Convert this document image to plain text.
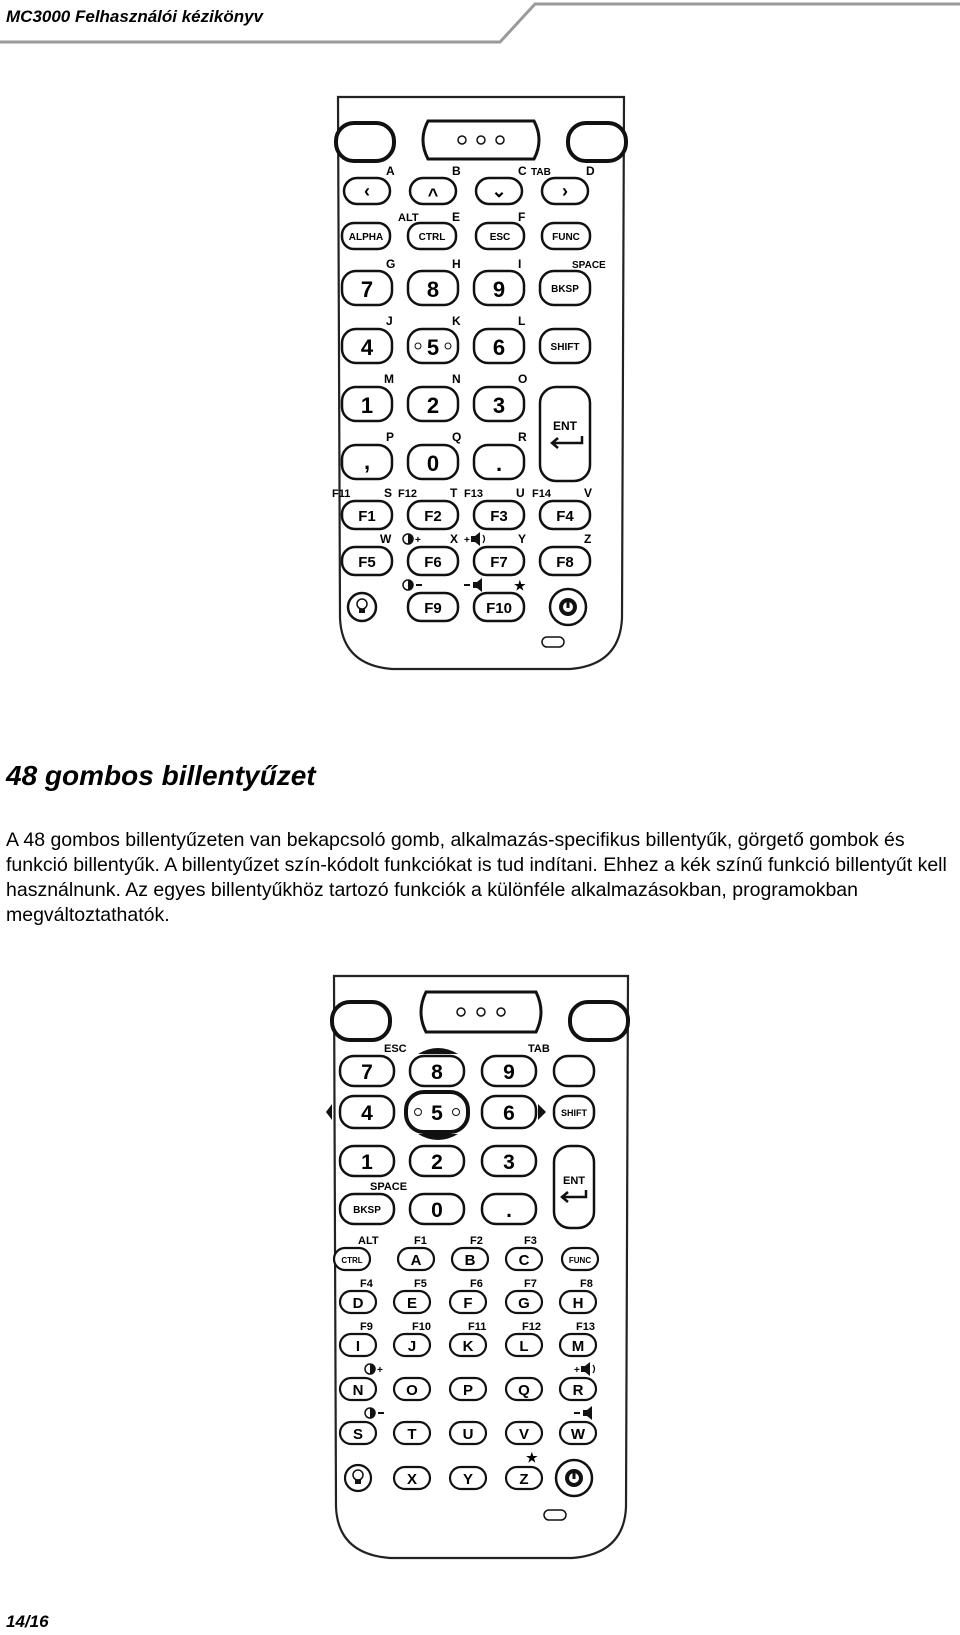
MC3000 Felhasználói kézikönyv
A	B	C TAB	D
‹	^	⌄	›
ALT	E	F
ALPHA	CTRL	ESC	FUNC
G	H	I	SPACE
7 8 9	BKSP
J	K	L
4 5 6	SHIFT
M	N	O
1 2 3
ENT
P	Q	R
,	0	.
F11	S F12	T F13	U F14	V
F1	F2	F3	F4
W + X +	Y	Z
F5	F6	F7	F8
★
F9	F10
48 gombos billentyűzet
A 48 gombos billentyűzeten van bekapcsoló gomb, alkalmazás-specifikus billentyűk, görgető gombok és funkció billentyűk. A billentyűzet szín-kódolt funkciókat is tud indítani. Ehhez a kék színű funkció billentyűt kell használnunk. Az egyes billentyűkhöz tartozó funkciók a különféle alkalmazásokban, programokban megváltoztathatók.
ESC	TAB
7	8	9
4	5	6	SHIFT
1	2	3
ENT
SPACE
BKSP 0	.
ALT	F1	F2	F3
CTRL	A	B	C	FUNC
F4	F5	F6	F7	F8
D	E	F	G	H
F9	F10	F11	F12	F13
I	J	K	L	M
+	+
N	O	P	Q	R
S	T	U	V	W
★
X	Y	Z
14/16
